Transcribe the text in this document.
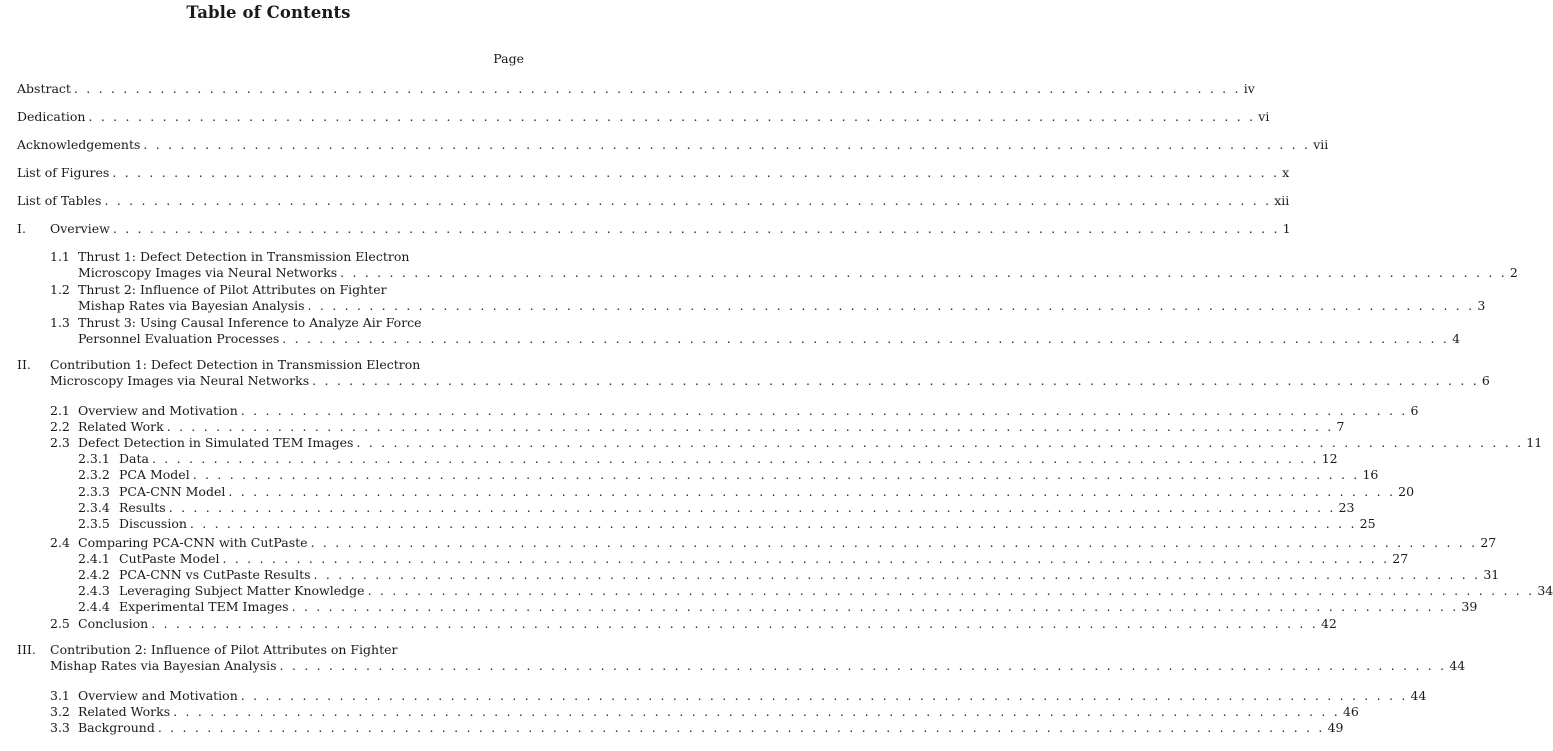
Table of Contents
Page
Abstract . . . . . . . . . . . . . . . . . . . . . . . . . . . . . . . . . . . . . . . . . . . . . . . . . . . . . . . . . . . . . . . . . . . . . . . . . . . . . . . . . . . . . . . . . . . . . . . iv
Dedication . . . . . . . . . . . . . . . . . . . . . . . . . . . . . . . . . . . . . . . . . . . . . . . . . . . . . . . . . . . . . . . . . . . . . . . . . . . . . . . . . . . . . . . . . . . . . . . vi
Acknowledgements . . . . . . . . . . . . . . . . . . . . . . . . . . . . . . . . . . . . . . . . . . . . . . . . . . . . . . . . . . . . . . . . . . . . . . . . . . . . . . . . . . . . . . . . . . . . . . . vii
List of Figures . . . . . . . . . . . . . . . . . . . . . . . . . . . . . . . . . . . . . . . . . . . . . . . . . . . . . . . . . . . . . . . . . . . . . . . . . . . . . . . . . . . . . . . . . . . . . . . x
List of Tables . . . . . . . . . . . . . . . . . . . . . . . . . . . . . . . . . . . . . . . . . . . . . . . . . . . . . . . . . . . . . . . . . . . . . . . . . . . . . . . . . . . . . . . . . . . . . . . xii
I. Overview . . . . . . . . . . . . . . . . . . . . . . . . . . . . . . . . . . . . . . . . . . . . . . . . . . . . . . . . . . . . . . . . . . . . . . . . . . . . . . . . . . . . . . . . . . . . . . . 1
1.1 Thrust 1: Defect Detection in Transmission Electron
Microscopy Images via Neural Networks . . . . . . . . . . . . . . . . . . . . . . . . . . . . . . . . . . . . . . . . . . . . . . . . . . . . . . . . . . . . . . . . . . . . . . . . . . . . . . . . . . . . . . . . . . . . . . . 2
1.2 Thrust 2: Influence of Pilot Attributes on Fighter
Mishap Rates via Bayesian Analysis . . . . . . . . . . . . . . . . . . . . . . . . . . . . . . . . . . . . . . . . . . . . . . . . . . . . . . . . . . . . . . . . . . . . . . . . . . . . . . . . . . . . . . . . . . . . . . . 3
1.3 Thrust 3: Using Causal Inference to Analyze Air Force
Personnel Evaluation Processes . . . . . . . . . . . . . . . . . . . . . . . . . . . . . . . . . . . . . . . . . . . . . . . . . . . . . . . . . . . . . . . . . . . . . . . . . . . . . . . . . . . . . . . . . . . . . . . 4
II. Contribution 1: Defect Detection in Transmission Electron
Microscopy Images via Neural Networks . . . . . . . . . . . . . . . . . . . . . . . . . . . . . . . . . . . . . . . . . . . . . . . . . . . . . . . . . . . . . . . . . . . . . . . . . . . . . . . . . . . . . . . . . . . . . . . 6
2.1 Overview and Motivation . . . . . . . . . . . . . . . . . . . . . . . . . . . . . . . . . . . . . . . . . . . . . . . . . . . . . . . . . . . . . . . . . . . . . . . . . . . . . . . . . . . . . . . . . . . . . . . 6
2.2 Related Work . . . . . . . . . . . . . . . . . . . . . . . . . . . . . . . . . . . . . . . . . . . . . . . . . . . . . . . . . . . . . . . . . . . . . . . . . . . . . . . . . . . . . . . . . . . . . . . 7
2.3 Defect Detection in Simulated TEM Images . . . . . . . . . . . . . . . . . . . . . . . . . . . . . . . . . . . . . . . . . . . . . . . . . . . . . . . . . . . . . . . . . . . . . . . . . . . . . . . . . . . . . . . . . . . . . . . 11
2.3.1 Data . . . . . . . . . . . . . . . . . . . . . . . . . . . . . . . . . . . . . . . . . . . . . . . . . . . . . . . . . . . . . . . . . . . . . . . . . . . . . . . . . . . . . . . . . . . . . . . 12
2.3.2 PCA Model . . . . . . . . . . . . . . . . . . . . . . . . . . . . . . . . . . . . . . . . . . . . . . . . . . . . . . . . . . . . . . . . . . . . . . . . . . . . . . . . . . . . . . . . . . . . . . . 16
2.3.3 PCA-CNN Model . . . . . . . . . . . . . . . . . . . . . . . . . . . . . . . . . . . . . . . . . . . . . . . . . . . . . . . . . . . . . . . . . . . . . . . . . . . . . . . . . . . . . . . . . . . . . . . 20
2.3.4 Results . . . . . . . . . . . . . . . . . . . . . . . . . . . . . . . . . . . . . . . . . . . . . . . . . . . . . . . . . . . . . . . . . . . . . . . . . . . . . . . . . . . . . . . . . . . . . . . 23
2.3.5 Discussion . . . . . . . . . . . . . . . . . . . . . . . . . . . . . . . . . . . . . . . . . . . . . . . . . . . . . . . . . . . . . . . . . . . . . . . . . . . . . . . . . . . . . . . . . . . . . . . 25
2.4 Comparing PCA-CNN with CutPaste . . . . . . . . . . . . . . . . . . . . . . . . . . . . . . . . . . . . . . . . . . . . . . . . . . . . . . . . . . . . . . . . . . . . . . . . . . . . . . . . . . . . . . . . . . . . . . . 27
2.4.1 CutPaste Model . . . . . . . . . . . . . . . . . . . . . . . . . . . . . . . . . . . . . . . . . . . . . . . . . . . . . . . . . . . . . . . . . . . . . . . . . . . . . . . . . . . . . . . . . . . . . . . 27
2.4.2 PCA-CNN vs CutPaste Results . . . . . . . . . . . . . . . . . . . . . . . . . . . . . . . . . . . . . . . . . . . . . . . . . . . . . . . . . . . . . . . . . . . . . . . . . . . . . . . . . . . . . . . . . . . . . . . 31
2.4.3 Leveraging Subject Matter Knowledge . . . . . . . . . . . . . . . . . . . . . . . . . . . . . . . . . . . . . . . . . . . . . . . . . . . . . . . . . . . . . . . . . . . . . . . . . . . . . . . . . . . . . . . . . . . . . . . 34
2.4.4 Experimental TEM Images . . . . . . . . . . . . . . . . . . . . . . . . . . . . . . . . . . . . . . . . . . . . . . . . . . . . . . . . . . . . . . . . . . . . . . . . . . . . . . . . . . . . . . . . . . . . . . . 39
2.5 Conclusion . . . . . . . . . . . . . . . . . . . . . . . . . . . . . . . . . . . . . . . . . . . . . . . . . . . . . . . . . . . . . . . . . . . . . . . . . . . . . . . . . . . . . . . . . . . . . . . 42
III. Contribution 2: Influence of Pilot Attributes on Fighter
Mishap Rates via Bayesian Analysis . . . . . . . . . . . . . . . . . . . . . . . . . . . . . . . . . . . . . . . . . . . . . . . . . . . . . . . . . . . . . . . . . . . . . . . . . . . . . . . . . . . . . . . . . . . . . . . 44
3.1 Overview and Motivation . . . . . . . . . . . . . . . . . . . . . . . . . . . . . . . . . . . . . . . . . . . . . . . . . . . . . . . . . . . . . . . . . . . . . . . . . . . . . . . . . . . . . . . . . . . . . . . 44
3.2 Related Works . . . . . . . . . . . . . . . . . . . . . . . . . . . . . . . . . . . . . . . . . . . . . . . . . . . . . . . . . . . . . . . . . . . . . . . . . . . . . . . . . . . . . . . . . . . . . . . 46
3.3 Background . . . . . . . . . . . . . . . . . . . . . . . . . . . . . . . . . . . . . . . . . . . . . . . . . . . . . . . . . . . . . . . . . . . . . . . . . . . . . . . . . . . . . . . . . . . . . . . 49
